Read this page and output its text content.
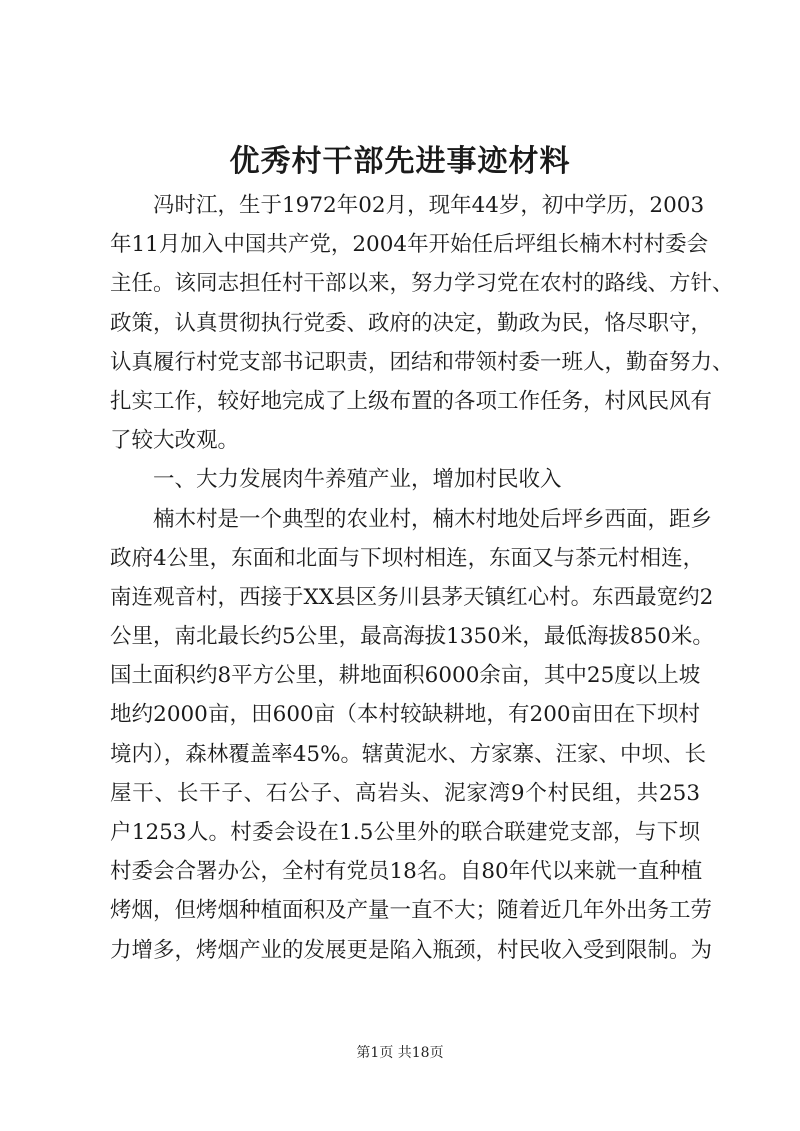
优秀村干部先进事迹材料
冯时江，生于1972年02月，现年44岁，初中学历，2003
年11月加入中国共产党，2004年开始任后坪组长楠木村村委会
主任。该同志担任村干部以来，努力学习党在农村的路线、方针、
政策，认真贯彻执行党委、政府的决定，勤政为民，恪尽职守，
认真履行村党支部书记职责，团结和带领村委一班人，勤奋努力、
扎实工作，较好地完成了上级布置的各项工作任务，村风民风有
了较大改观。
一、大力发展肉牛养殖产业，增加村民收入
楠木村是一个典型的农业村，楠木村地处后坪乡西面，距乡
政府4公里，东面和北面与下坝村相连，东面又与茶元村相连，
南连观音村，西接于XX县区务川县茅天镇红心村。东西最宽约2
公里，南北最长约5公里，最高海拔1350米，最低海拔850米。
国土面积约8平方公里，耕地面积6000余亩，其中25度以上坡
地约2000亩，田600亩（本村较缺耕地，有200亩田在下坝村
境内），森林覆盖率45%。辖黄泥水、方家寨、汪家、中坝、长
屋干、长干子、石公子、高岩头、泥家湾9个村民组，共253
户1253人。村委会设在1.5公里外的联合联建党支部，与下坝
村委会合署办公，全村有党员18名。自80年代以来就一直种植
烤烟，但烤烟种植面积及产量一直不大；随着近几年外出务工劳
力增多，烤烟产业的发展更是陷入瓶颈，村民收入受到限制。为
第1页 共18页
